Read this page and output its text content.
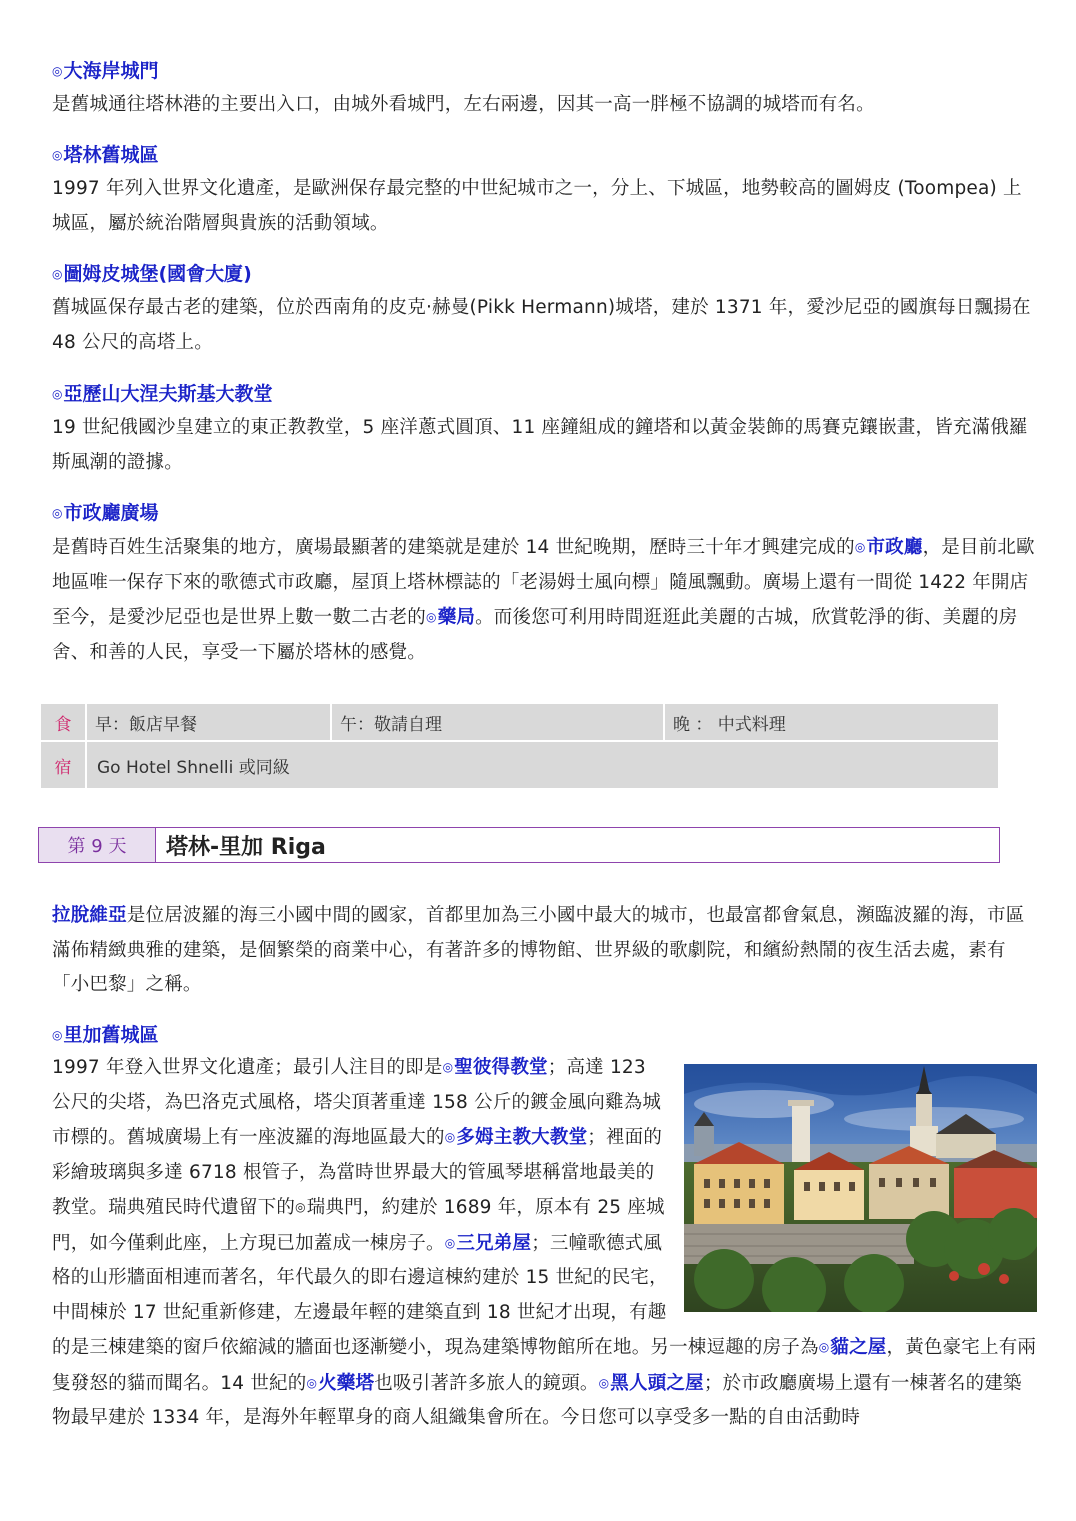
◎大海岸城門

是舊城通往塔林港的主要出入口，由城外看城門，左右兩邊，因其一高一胖極不協調的城塔而有名。

◎塔林舊城區

1997 年列入世界文化遺產，是歐洲保存最完整的中世紀城市之一，分上、下城區，地勢較高的圖姆皮 (Toompea) 上城區，屬於統治階層與貴族的活動領域。

◎圖姆皮城堡(國會大廈)

舊城區保存最古老的建築，位於西南角的皮克‧赫曼(Pikk Hermann)城塔，建於 1371 年，愛沙尼亞的國旗每日飄揚在 48 公尺的高塔上。

◎亞歷山大涅夫斯基大教堂

19 世紀俄國沙皇建立的東正教教堂，5 座洋蔥式圓頂、11 座鐘組成的鐘塔和以黃金裝飾的馬賽克鑲嵌畫，皆充滿俄羅斯風潮的證據。

◎市政廳廣場

是舊時百姓生活聚集的地方，廣場最顯著的建築就是建於 14 世紀晚期，歷時三十年才興建完成的◎市政廳，是目前北歐地區唯一保存下來的歌德式市政廳，屋頂上塔林標誌的「老湯姆士風向標」隨風飄動。廣場上還有一間從 1422 年開店至今，是愛沙尼亞也是世界上數一數二古老的◎藥局。而後您可利用時間逛逛此美麗的古城，欣賞乾淨的街、美麗的房舍、和善的人民，享受一下屬於塔林的感覺。

食	早：飯店早餐	午：敬請自理	晚 ： 中式料理
宿	Go Hotel Shnelli 或同級		
第 9 天	塔林-里加 Riga

拉脫維亞是位居波羅的海三小國中間的國家，首都里加為三小國中最大的城市，也最富都會氣息，瀕臨波羅的海，市區滿佈精緻典雅的建築，是個繁榮的商業中心，有著許多的博物館、世界級的歌劇院，和繽紛熱鬧的夜生活去處，素有「小巴黎」之稱。

◎里加舊城區
1997 年登入世界文化遺產；最引人注目的即是◎聖彼得教堂；高達 123 公尺的尖塔，為巴洛克式風格，塔尖頂著重達 158 公斤的鍍金風向雞為城市標的。舊城廣場上有一座波羅的海地區最大的◎多姆主教大教堂；裡面的彩繪玻璃與多達 6718 根管子，為當時世界最大的管風琴堪稱當地最美的教堂。瑞典殖民時代遺留下的◎瑞典門，約建於 1689 年，原本有 25 座城門，如今僅剩此座，上方現已加蓋成一棟房子。◎三兄弟屋；三幢歌德式風格的山形牆面相連而著名，年代最久的即右邊這棟約建於 15 世紀的民宅，中間棟於 17 世紀重新修建，左邊最年輕的建築直到 18 世紀才出現，有趣的是三棟建築的窗戶依縮減的牆面也逐漸變小，現為建築博物館所在地。另一棟逗趣的房子為◎貓之屋，黃色豪宅上有兩隻發怒的貓而聞名。14 世紀的◎火藥塔也吸引著許多旅人的鏡頭。◎黑人頭之屋；於市政廳廣場上還有一棟著名的建築物最早建於 1334 年，是海外年輕單身的商人組織集會所在。今日您可以享受多一點的自由活動時
